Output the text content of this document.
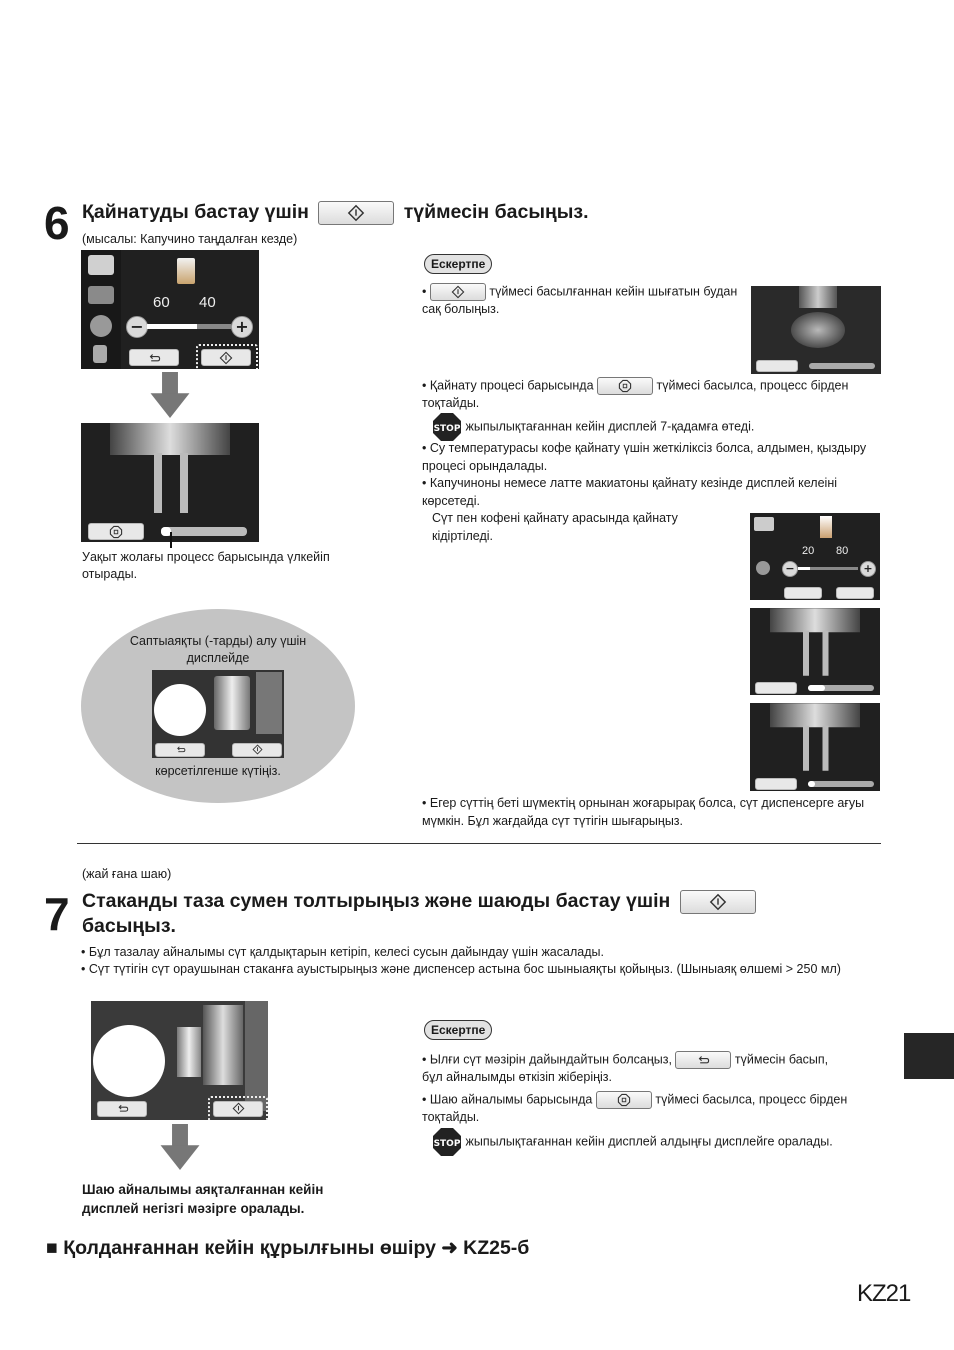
6 Қайнатуды бастау үшін	түймесін басыңыз.
(мысалы: Капучино таңдалған кезде)
60 40
−	+
Уақыт жолағы процесс барысында үлкейіп отырады.
Саптыаяқты (-тарды) алу үшін дисплейде
көрсетілгенше күтіңіз.
Ескертпе
•	түймесі басылғаннан кейін шығатын будан сақ болыңыз.
• Қайнату процесі барысында	түймесі басылса, процесс бірден тоқтайды.
STOP жыпылықтағаннан кейін дисплей 7-қадамға өтеді.
• Су температурасы кофе қайнату үшін жеткіліксіз болса, алдымен, қыздыру процесі орындалады.
• Капучиноны немесе латте макиатоны қайнату кезінде дисплей келеіні көрсетеді.
Сүт пен кофені қайнату арасында қайнату кідіртіледі.
20 80
−	+
• Егер сүттің беті шүмектің орнынан жоғарырақ болса, сүт диспенсерге ағуы мүмкін. Бұл жағдайда сүт түтігін шығарыңыз.
(жай ғана шаю)
7 Стаканды таза сумен толтырыңыз және шаюды бастау үшін

басыңыз.
• Бұл тазалау айналымы сүт қалдықтарын кетіріп, келесі сусын дайындау үшін жасалады.
• Сүт түтігін сүт ораушынан стаканға ауыстырыңыз және диспенсер астына бос шыныаяқты қойыңыз. (Шыныаяқ өлшемі > 250 мл)
Шаю айналымы аяқталғаннан кейін дисплей негізгі мәзірге оралады.
Ескертпе
• Ылғи сүт мәзірін дайындайтын болсаңыз,	түймесін басып, бұл айналымды өткізіп жіберіңіз.
• Шаю айналымы барысында	түймесі басылса, процесс бірден тоқтайды.
STOP жыпылықтағаннан кейін дисплей алдыңғы дисплейге оралады.
■ Қолданғаннан кейін құрылғыны өшіру ➜ KZ25-б
KZ21
